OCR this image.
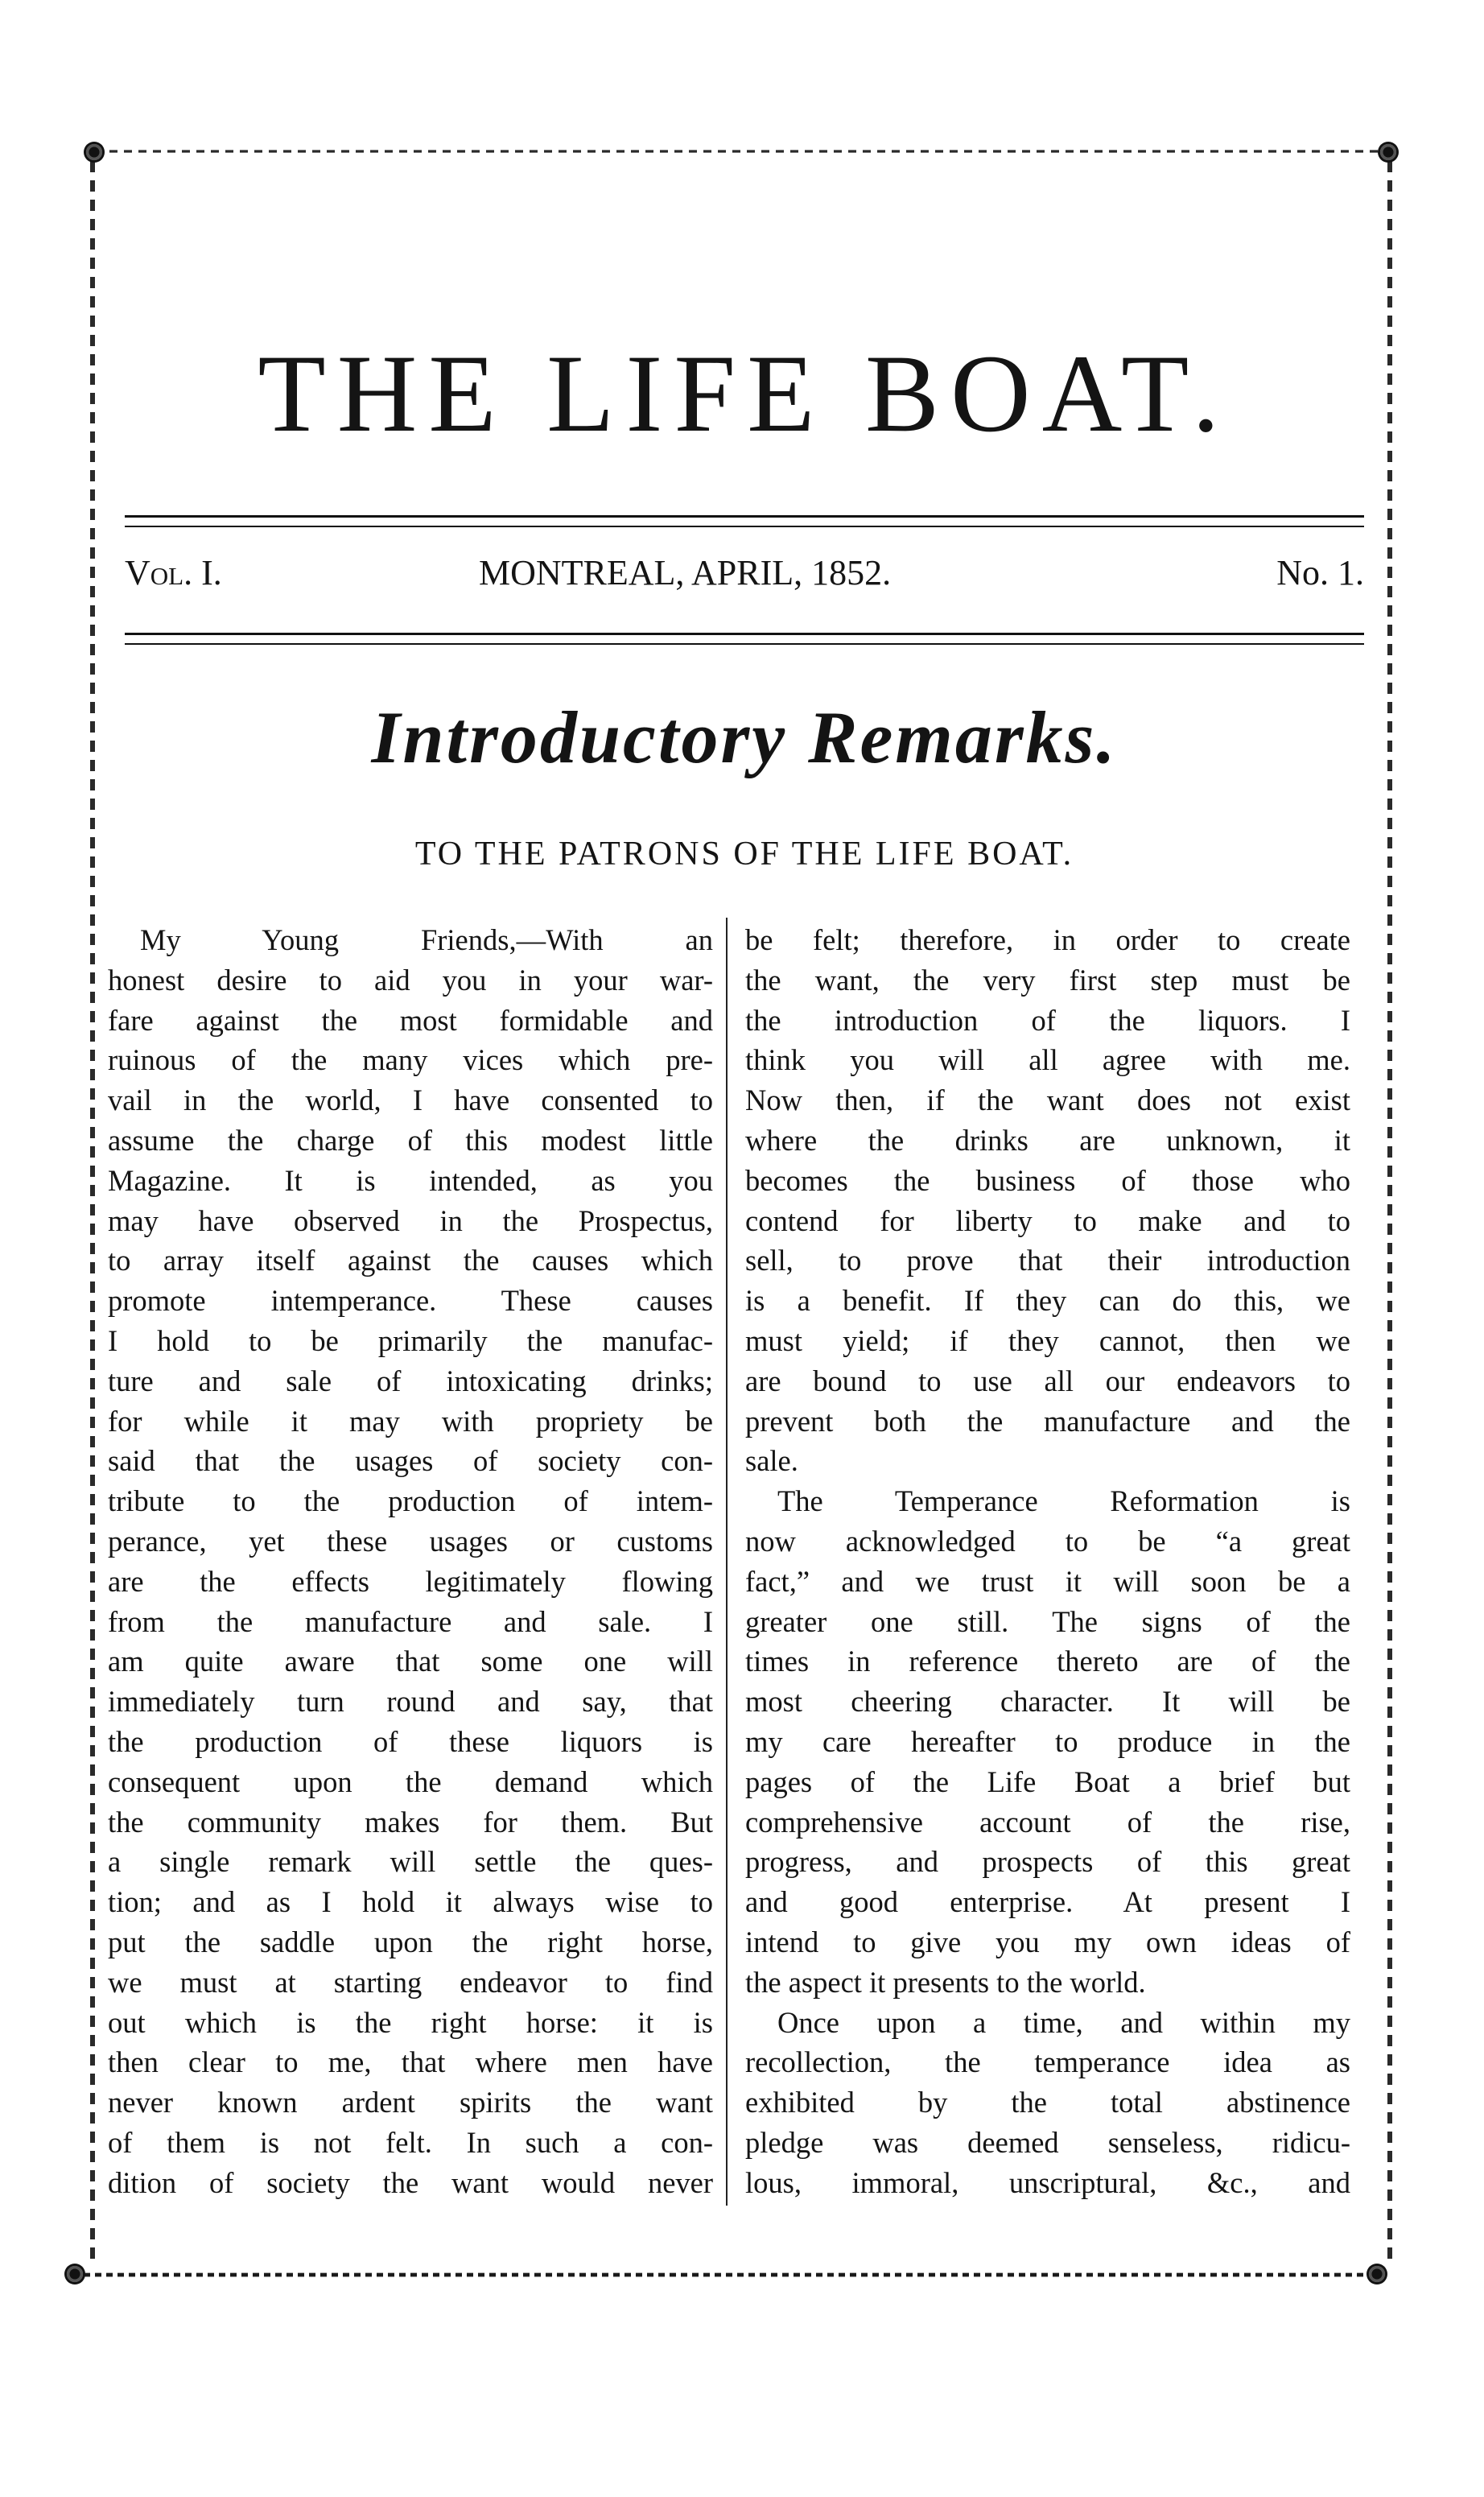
THE LIFE BOAT.
Vol. I.	MONTREAL, APRIL, 1852.	No. 1.
Introductory Remarks.
TO THE PATRONS OF THE LIFE BOAT.
My Young Friends,—With an
honest desire to aid you in your war-
fare against the most formidable and
ruinous of the many vices which pre-
vail in the world, I have consented to
assume the charge of this modest little
Magazine. It is intended, as you
may have observed in the Prospectus,
to array itself against the causes which
promote intemperance. These causes
I hold to be primarily the manufac-
ture and sale of intoxicating drinks;
for while it may with propriety be
said that the usages of society con-
tribute to the production of intem-
perance, yet these usages or customs
are the effects legitimately flowing
from the manufacture and sale. I
am quite aware that some one will
immediately turn round and say, that
the production of these liquors is
consequent upon the demand which
the community makes for them. But
a single remark will settle the ques-
tion; and as I hold it always wise to
put the saddle upon the right horse,
we must at starting endeavor to find
out which is the right horse: it is
then clear to me, that where men have
never known ardent spirits the want
of them is not felt. In such a con-
dition of society the want would never
be felt; therefore, in order to create
the want, the very first step must be
the introduction of the liquors. I
think you will all agree with me.
Now then, if the want does not exist
where the drinks are unknown, it
becomes the business of those who
contend for liberty to make and to
sell, to prove that their introduction
is a benefit. If they can do this, we
must yield; if they cannot, then we
are bound to use all our endeavors to
prevent both the manufacture and the
sale.
The Temperance Reformation is
now acknowledged to be “a great
fact,” and we trust it will soon be a
greater one still. The signs of the
times in reference thereto are of the
most cheering character. It will be
my care hereafter to produce in the
pages of the Life Boat a brief but
comprehensive account of the rise,
progress, and prospects of this great
and good enterprise. At present I
intend to give you my own ideas of
the aspect it presents to the world.
Once upon a time, and within my
recollection, the temperance idea as
exhibited by the total abstinence
pledge was deemed senseless, ridicu-
lous, immoral, unscriptural, &c., and
